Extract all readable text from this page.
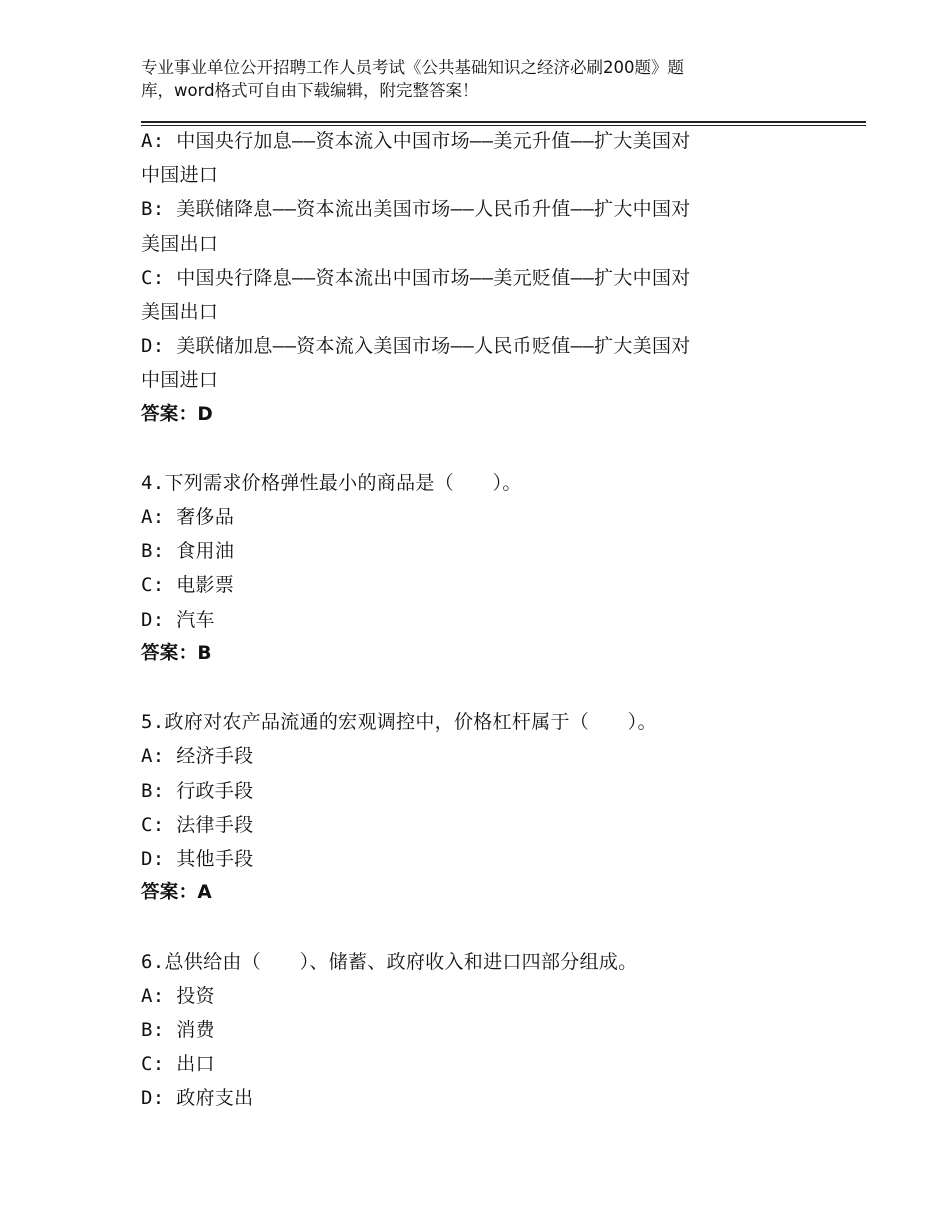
专业事业单位公开招聘工作人员考试《公共基础知识之经济必刷200题》题
库，word格式可自由下载编辑，附完整答案！
A: 中国央行加息——资本流入中国市场——美元升值——扩大美国对
中国进口
B: 美联储降息——资本流出美国市场——人民币升值——扩大中国对
美国出口
C: 中国央行降息——资本流出中国市场——美元贬值——扩大中国对
美国出口
D: 美联储加息——资本流入美国市场——人民币贬值——扩大美国对
中国进口
答案：D
4.下列需求价格弹性最小的商品是（　　）。
A: 奢侈品
B: 食用油
C: 电影票
D: 汽车
答案：B
5.政府对农产品流通的宏观调控中，价格杠杆属于（　　）。
A: 经济手段
B: 行政手段
C: 法律手段
D: 其他手段
答案：A
6.总供给由（　　）、储蓄、政府收入和进口四部分组成。
A: 投资
B: 消费
C: 出口
D: 政府支出
